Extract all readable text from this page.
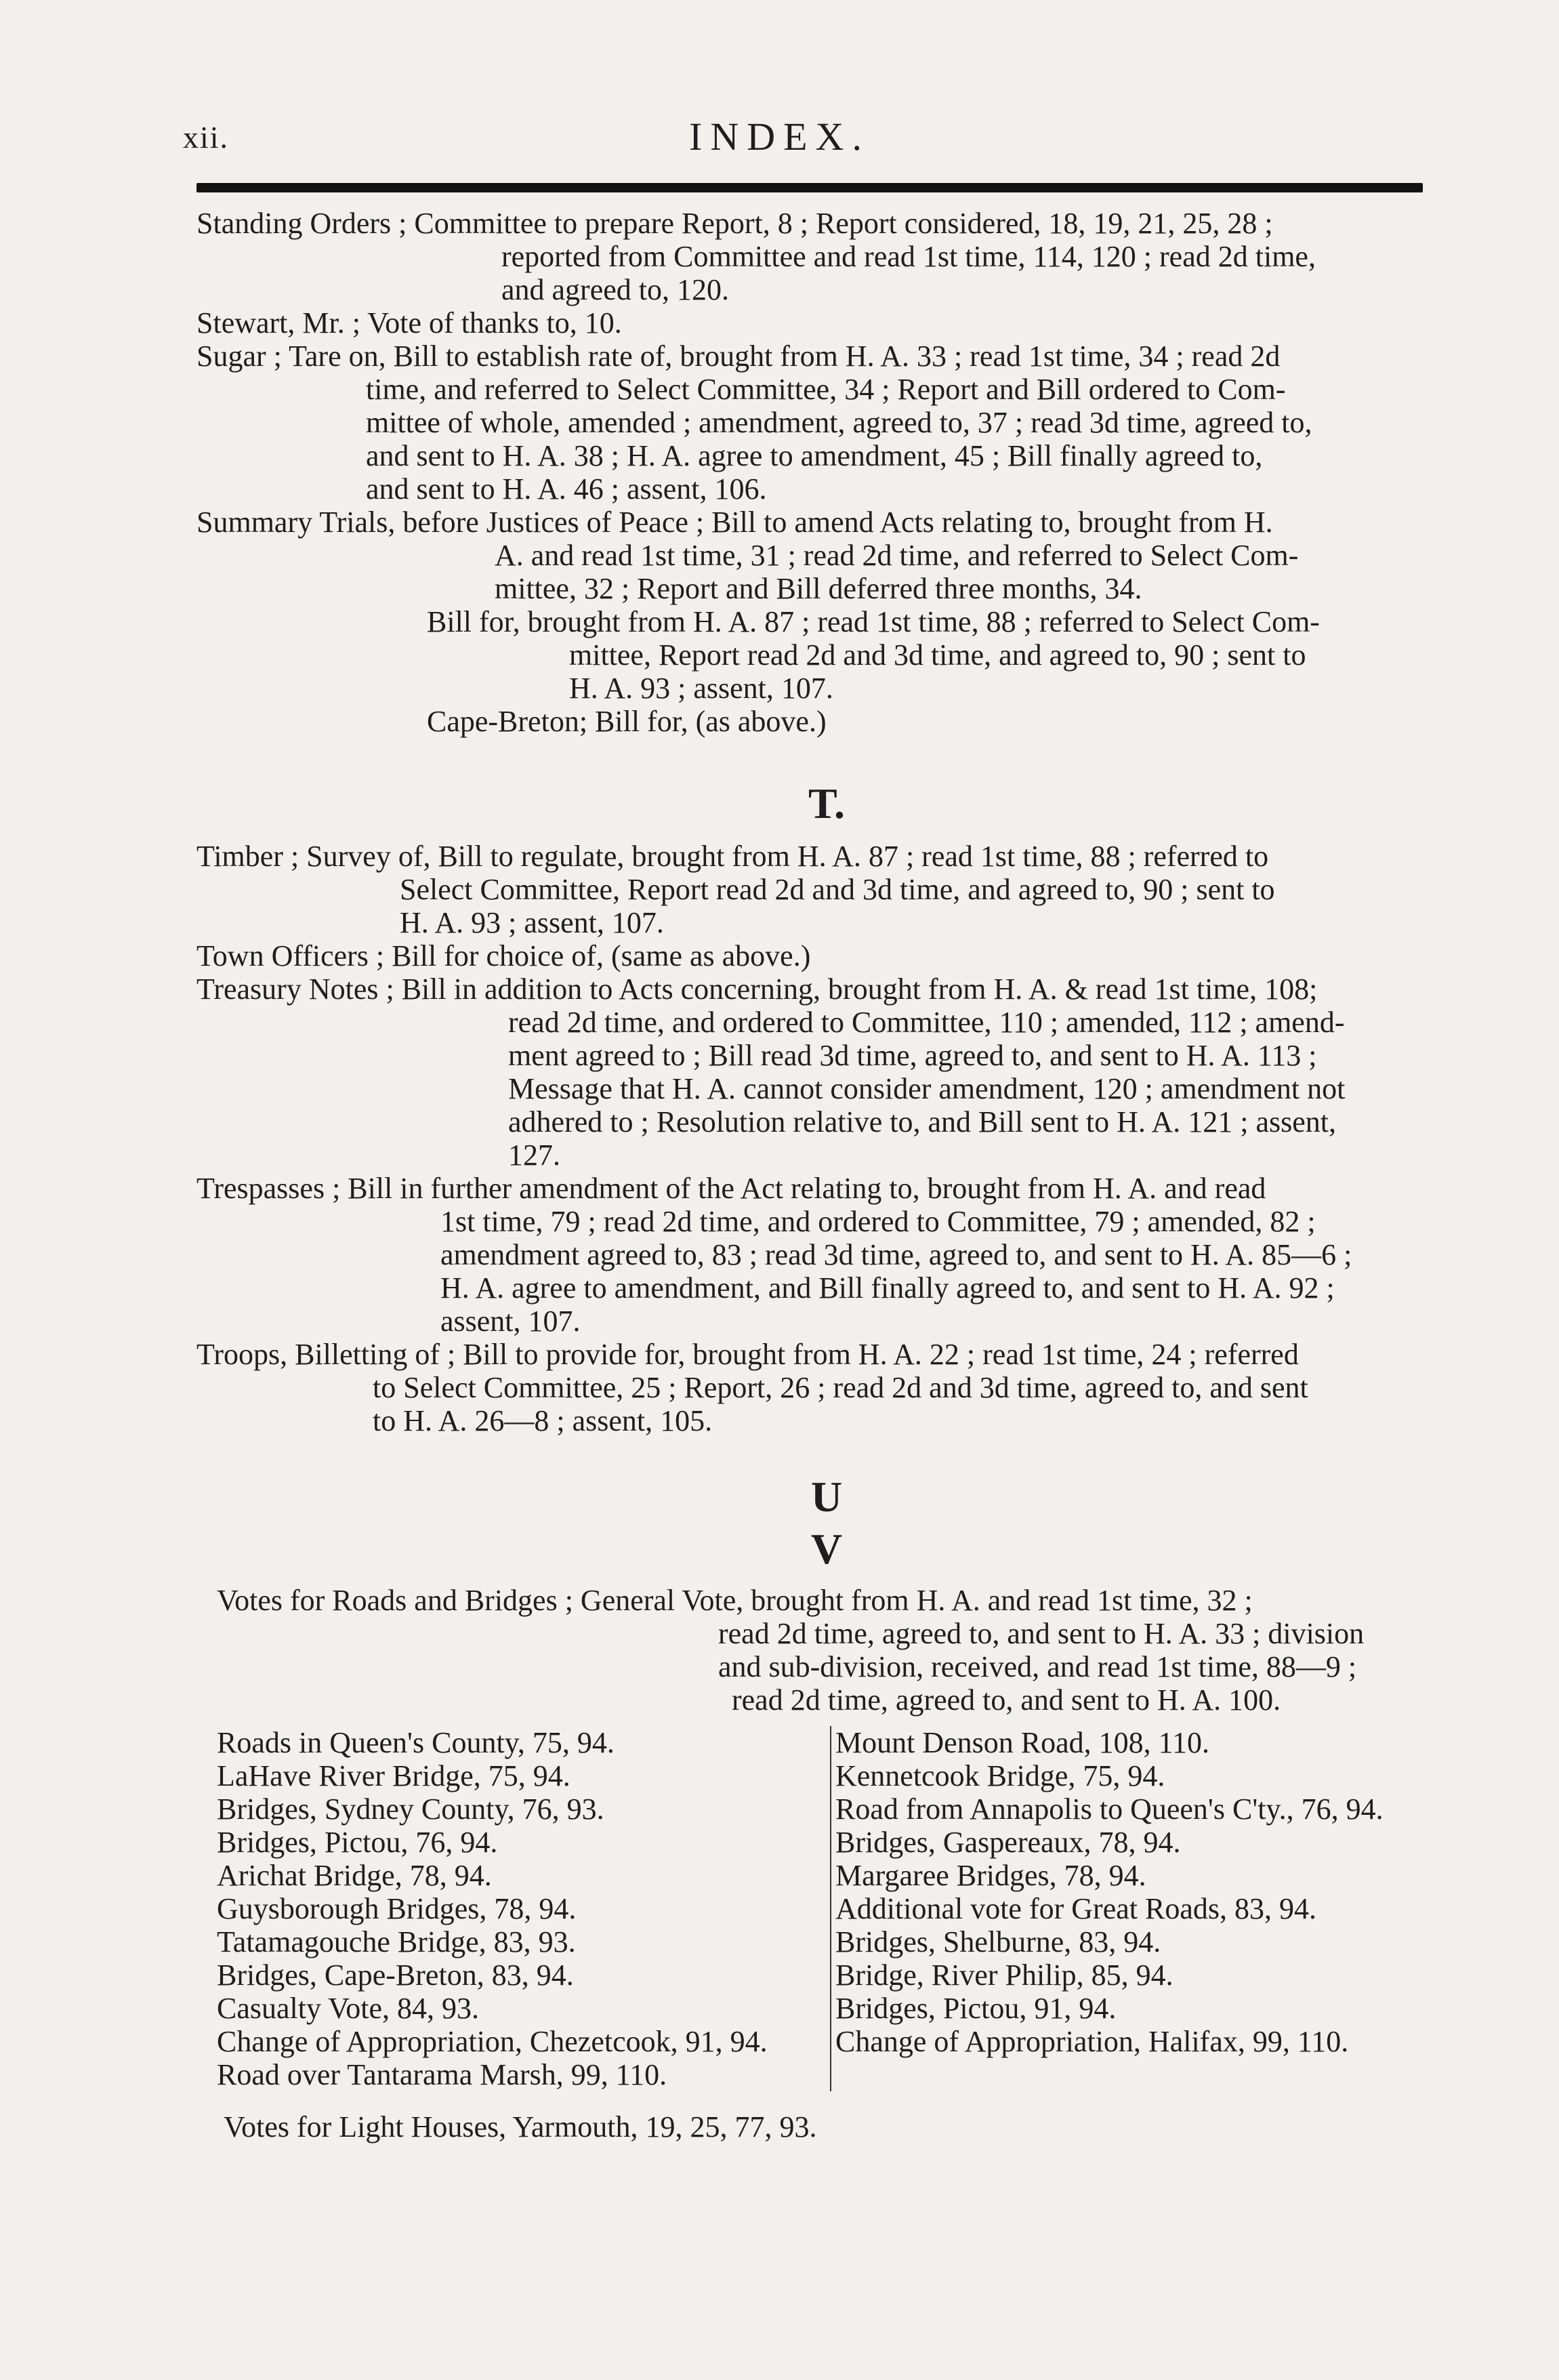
xii.	INDEX.
Standing Orders ; Committee to prepare Report, 8 ; Report considered, 18, 19, 21, 25, 28 ;
reported from Committee and read 1st time, 114, 120 ; read 2d time,
and agreed to, 120.
Stewart, Mr. ; Vote of thanks to, 10.
Sugar ; Tare on, Bill to establish rate of, brought from H. A. 33 ; read 1st time, 34 ; read 2d
time, and referred to Select Committee, 34 ; Report and Bill ordered to Com-
mittee of whole, amended ; amendment, agreed to, 37 ; read 3d time, agreed to,
and sent to H. A. 38 ; H. A. agree to amendment, 45 ; Bill finally agreed to,
and sent to H. A. 46 ; assent, 106.
Summary Trials, before Justices of Peace ; Bill to amend Acts relating to, brought from H.
A. and read 1st time, 31 ; read 2d time, and referred to Select Com-
mittee, 32 ; Report and Bill deferred three months, 34.
Bill for, brought from H. A. 87 ; read 1st time, 88 ; referred to Select Com-
mittee, Report read 2d and 3d time, and agreed to, 90 ; sent to
H. A. 93 ; assent, 107.
Cape-Breton; Bill for, (as above.)
T.
Timber ; Survey of, Bill to regulate, brought from H. A. 87 ; read 1st time, 88 ; referred to
Select Committee, Report read 2d and 3d time, and agreed to, 90 ; sent to
H. A. 93 ; assent, 107.
Town Officers ; Bill for choice of, (same as above.)
Treasury Notes ; Bill in addition to Acts concerning, brought from H. A. & read 1st time, 108;
read 2d time, and ordered to Committee, 110 ; amended, 112 ; amend-
ment agreed to ; Bill read 3d time, agreed to, and sent to H. A. 113 ;
Message that H. A. cannot consider amendment, 120 ; amendment not
adhered to ; Resolution relative to, and Bill sent to H. A. 121 ; assent,
127.
Trespasses ; Bill in further amendment of the Act relating to, brought from H. A. and read
1st time, 79 ; read 2d time, and ordered to Committee, 79 ; amended, 82 ;
amendment agreed to, 83 ; read 3d time, agreed to, and sent to H. A. 85—6 ;
H. A. agree to amendment, and Bill finally agreed to, and sent to H. A. 92 ;
assent, 107.
Troops, Billetting of ; Bill to provide for, brought from H. A. 22 ; read 1st time, 24 ; referred
to Select Committee, 25 ; Report, 26 ; read 2d and 3d time, agreed to, and sent
to H. A. 26—8 ; assent, 105.
U
V
Votes for Roads and Bridges ; General Vote, brought from H. A. and read 1st time, 32 ;
read 2d time, agreed to, and sent to H. A. 33 ; division
and sub-division, received, and read 1st time, 88—9 ;
read 2d time, agreed to, and sent to H. A. 100.
Roads in Queen's County, 75, 94.
LaHave River Bridge, 75, 94.
Bridges, Sydney County, 76, 93.
Bridges, Pictou, 76, 94.
Arichat Bridge, 78, 94.
Guysborough Bridges, 78, 94.
Tatamagouche Bridge, 83, 93.
Bridges, Cape-Breton, 83, 94.
Casualty Vote, 84, 93.
Change of Appropriation, Chezetcook, 91, 94.
Road over Tantarama Marsh, 99, 110.
Mount Denson Road, 108, 110.
Kennetcook Bridge, 75, 94.
Road from Annapolis to Queen's C'ty., 76, 94.
Bridges, Gaspereaux, 78, 94.
Margaree Bridges, 78, 94.
Additional vote for Great Roads, 83, 94.
Bridges, Shelburne, 83, 94.
Bridge, River Philip, 85, 94.
Bridges, Pictou, 91, 94.
Change of Appropriation, Halifax, 99, 110.
Votes for Light Houses, Yarmouth, 19, 25, 77, 93.
